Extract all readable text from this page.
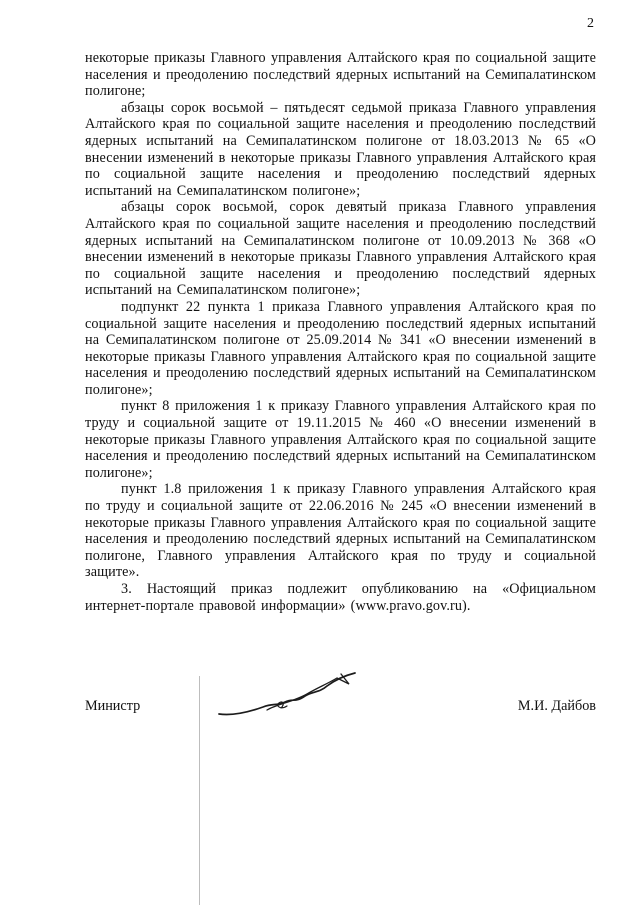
2

некоторые приказы Главного управления Алтайского края по социальной защите населения и преодолению последствий ядерных испытаний на Семипалатинском полигоне;

абзацы сорок восьмой – пятьдесят седьмой приказа Главного управления Алтайского края по социальной защите населения и преодолению последствий ядерных испытаний на Семипалатинском полигоне от 18.03.2013 № 65 «О внесении изменений в некоторые приказы Главного управления Алтайского края по социальной защите населения и преодолению последствий ядерных испытаний на Семипалатинском полигоне»;

абзацы сорок восьмой, сорок девятый приказа Главного управления Алтайского края по социальной защите населения и преодолению последствий ядерных испытаний на Семипалатинском полигоне от 10.09.2013 № 368 «О внесении изменений в некоторые приказы Главного управления Алтайского края по социальной защите населения и преодолению последствий ядерных испытаний на Семипалатинском полигоне»;

подпункт 22 пункта 1 приказа Главного управления Алтайского края по социальной защите населения и преодолению последствий ядерных испытаний на Семипалатинском полигоне от 25.09.2014 № 341 «О внесении изменений в некоторые приказы Главного управления Алтайского края по социальной защите населения и преодолению последствий ядерных испытаний на Семипалатинском полигоне»;

пункт 8 приложения 1 к приказу Главного управления Алтайского края по труду и социальной защите от 19.11.2015 № 460 «О внесении изменений в некоторые приказы Главного управления Алтайского края по социальной защите населения и преодолению последствий ядерных испытаний на Семипалатинском полигоне»;

пункт 1.8 приложения 1 к приказу Главного управления Алтайского края по труду и социальной защите от 22.06.2016 № 245 «О внесении изменений в некоторые приказы Главного управления Алтайского края по социальной защите населения и преодолению последствий ядерных испытаний на Семипалатинском полигоне, Главного управления Алтайского края по труду и социальной защите».

3. Настоящий приказ подлежит опубликованию на «Официальном интернет-портале правовой информации» (www.pravo.gov.ru).

Министр	М.И. Дайбов
